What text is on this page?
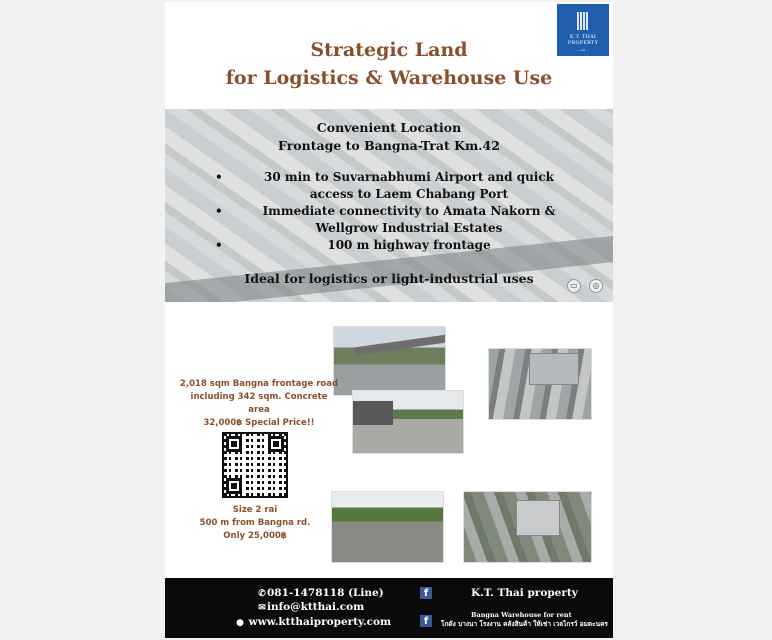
K.T. THAI
PROPERTY
— est —
Strategic Land
for Logistics & Warehouse Use
Convenient Location
Frontage to Bangna-Trat Km.42
•	30 min to Suvarnabhumi Airport and quick access to Laem Chabang Port
•	Immediate connectivity to Amata Nakorn & Wellgrow Industrial Estates
•	100 m highway frontage
Ideal for logistics or light-industrial uses	▭	◎
2,018 sqm Bangna frontage road
including 342 sqm. Concrete area
32,000฿ Special Price!!
Size 2 rai
500 m from Bangna rd.
Only 25,000฿
✆081-1478118 (Line)
✉info@ktthai.com
● www.ktthaiproperty.com
f	K.T. Thai property
f
Bangna Warehouse for rent
โกดัง บางนา โรงงาน คลังสินค้า ให้เช่า เวลไกรว์ อมตะนคร
